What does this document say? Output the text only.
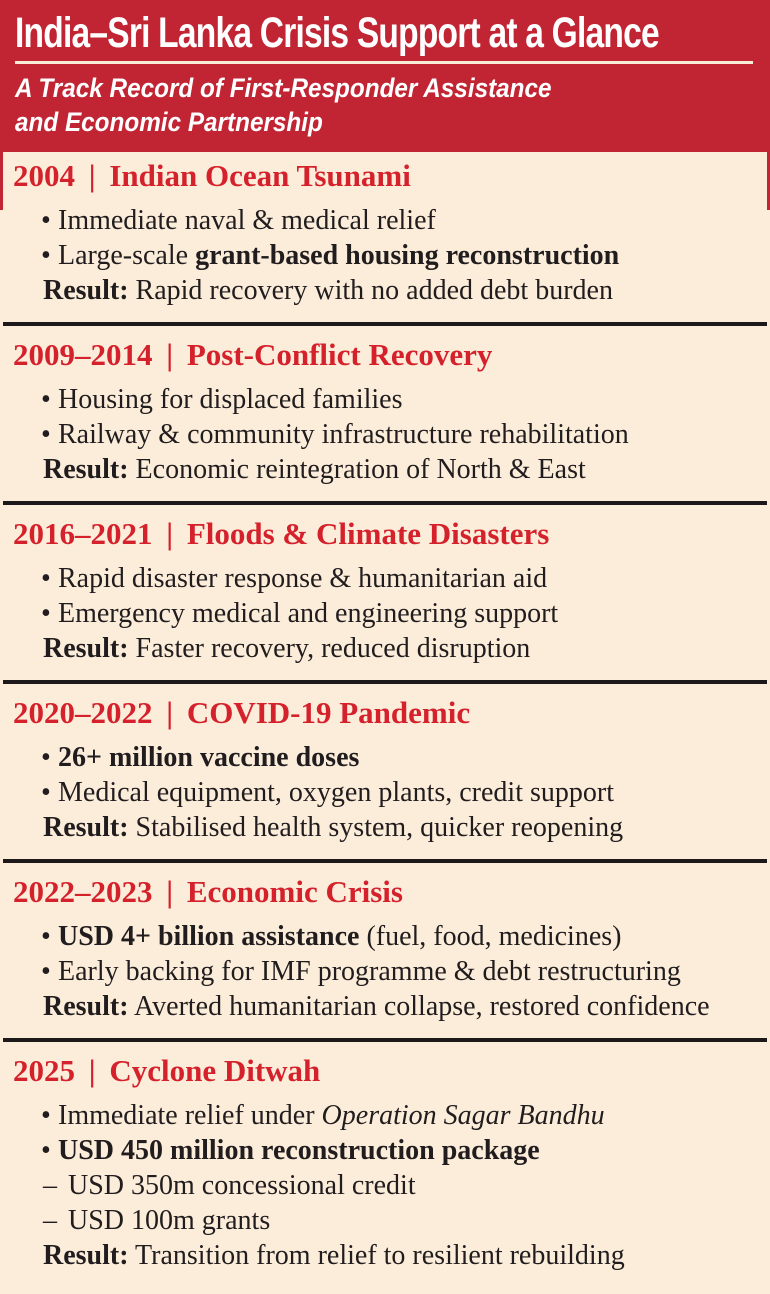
India–Sri Lanka Crisis Support at a Glance
A Track Record of First-Responder Assistance
and Economic Partnership
2004 | Indian Ocean Tsunami
• Immediate naval & medical relief
• Large-scale grant-based housing reconstruction
Result: Rapid recovery with no added debt burden
2009–2014 | Post-Conflict Recovery
• Housing for displaced families
• Railway & community infrastructure rehabilitation
Result: Economic reintegration of North & East
2016–2021 | Floods & Climate Disasters
• Rapid disaster response & humanitarian aid
• Emergency medical and engineering support
Result: Faster recovery, reduced disruption
2020–2022 | COVID-19 Pandemic
• 26+ million vaccine doses
• Medical equipment, oxygen plants, credit support
Result: Stabilised health system, quicker reopening
2022–2023 | Economic Crisis
• USD 4+ billion assistance (fuel, food, medicines)
• Early backing for IMF programme & debt restructuring
Result: Averted humanitarian collapse, restored confidence
2025 | Cyclone Ditwah
• Immediate relief under Operation Sagar Bandhu
• USD 450 million reconstruction package
– USD 350m concessional credit
– USD 100m grants
Result: Transition from relief to resilient rebuilding
